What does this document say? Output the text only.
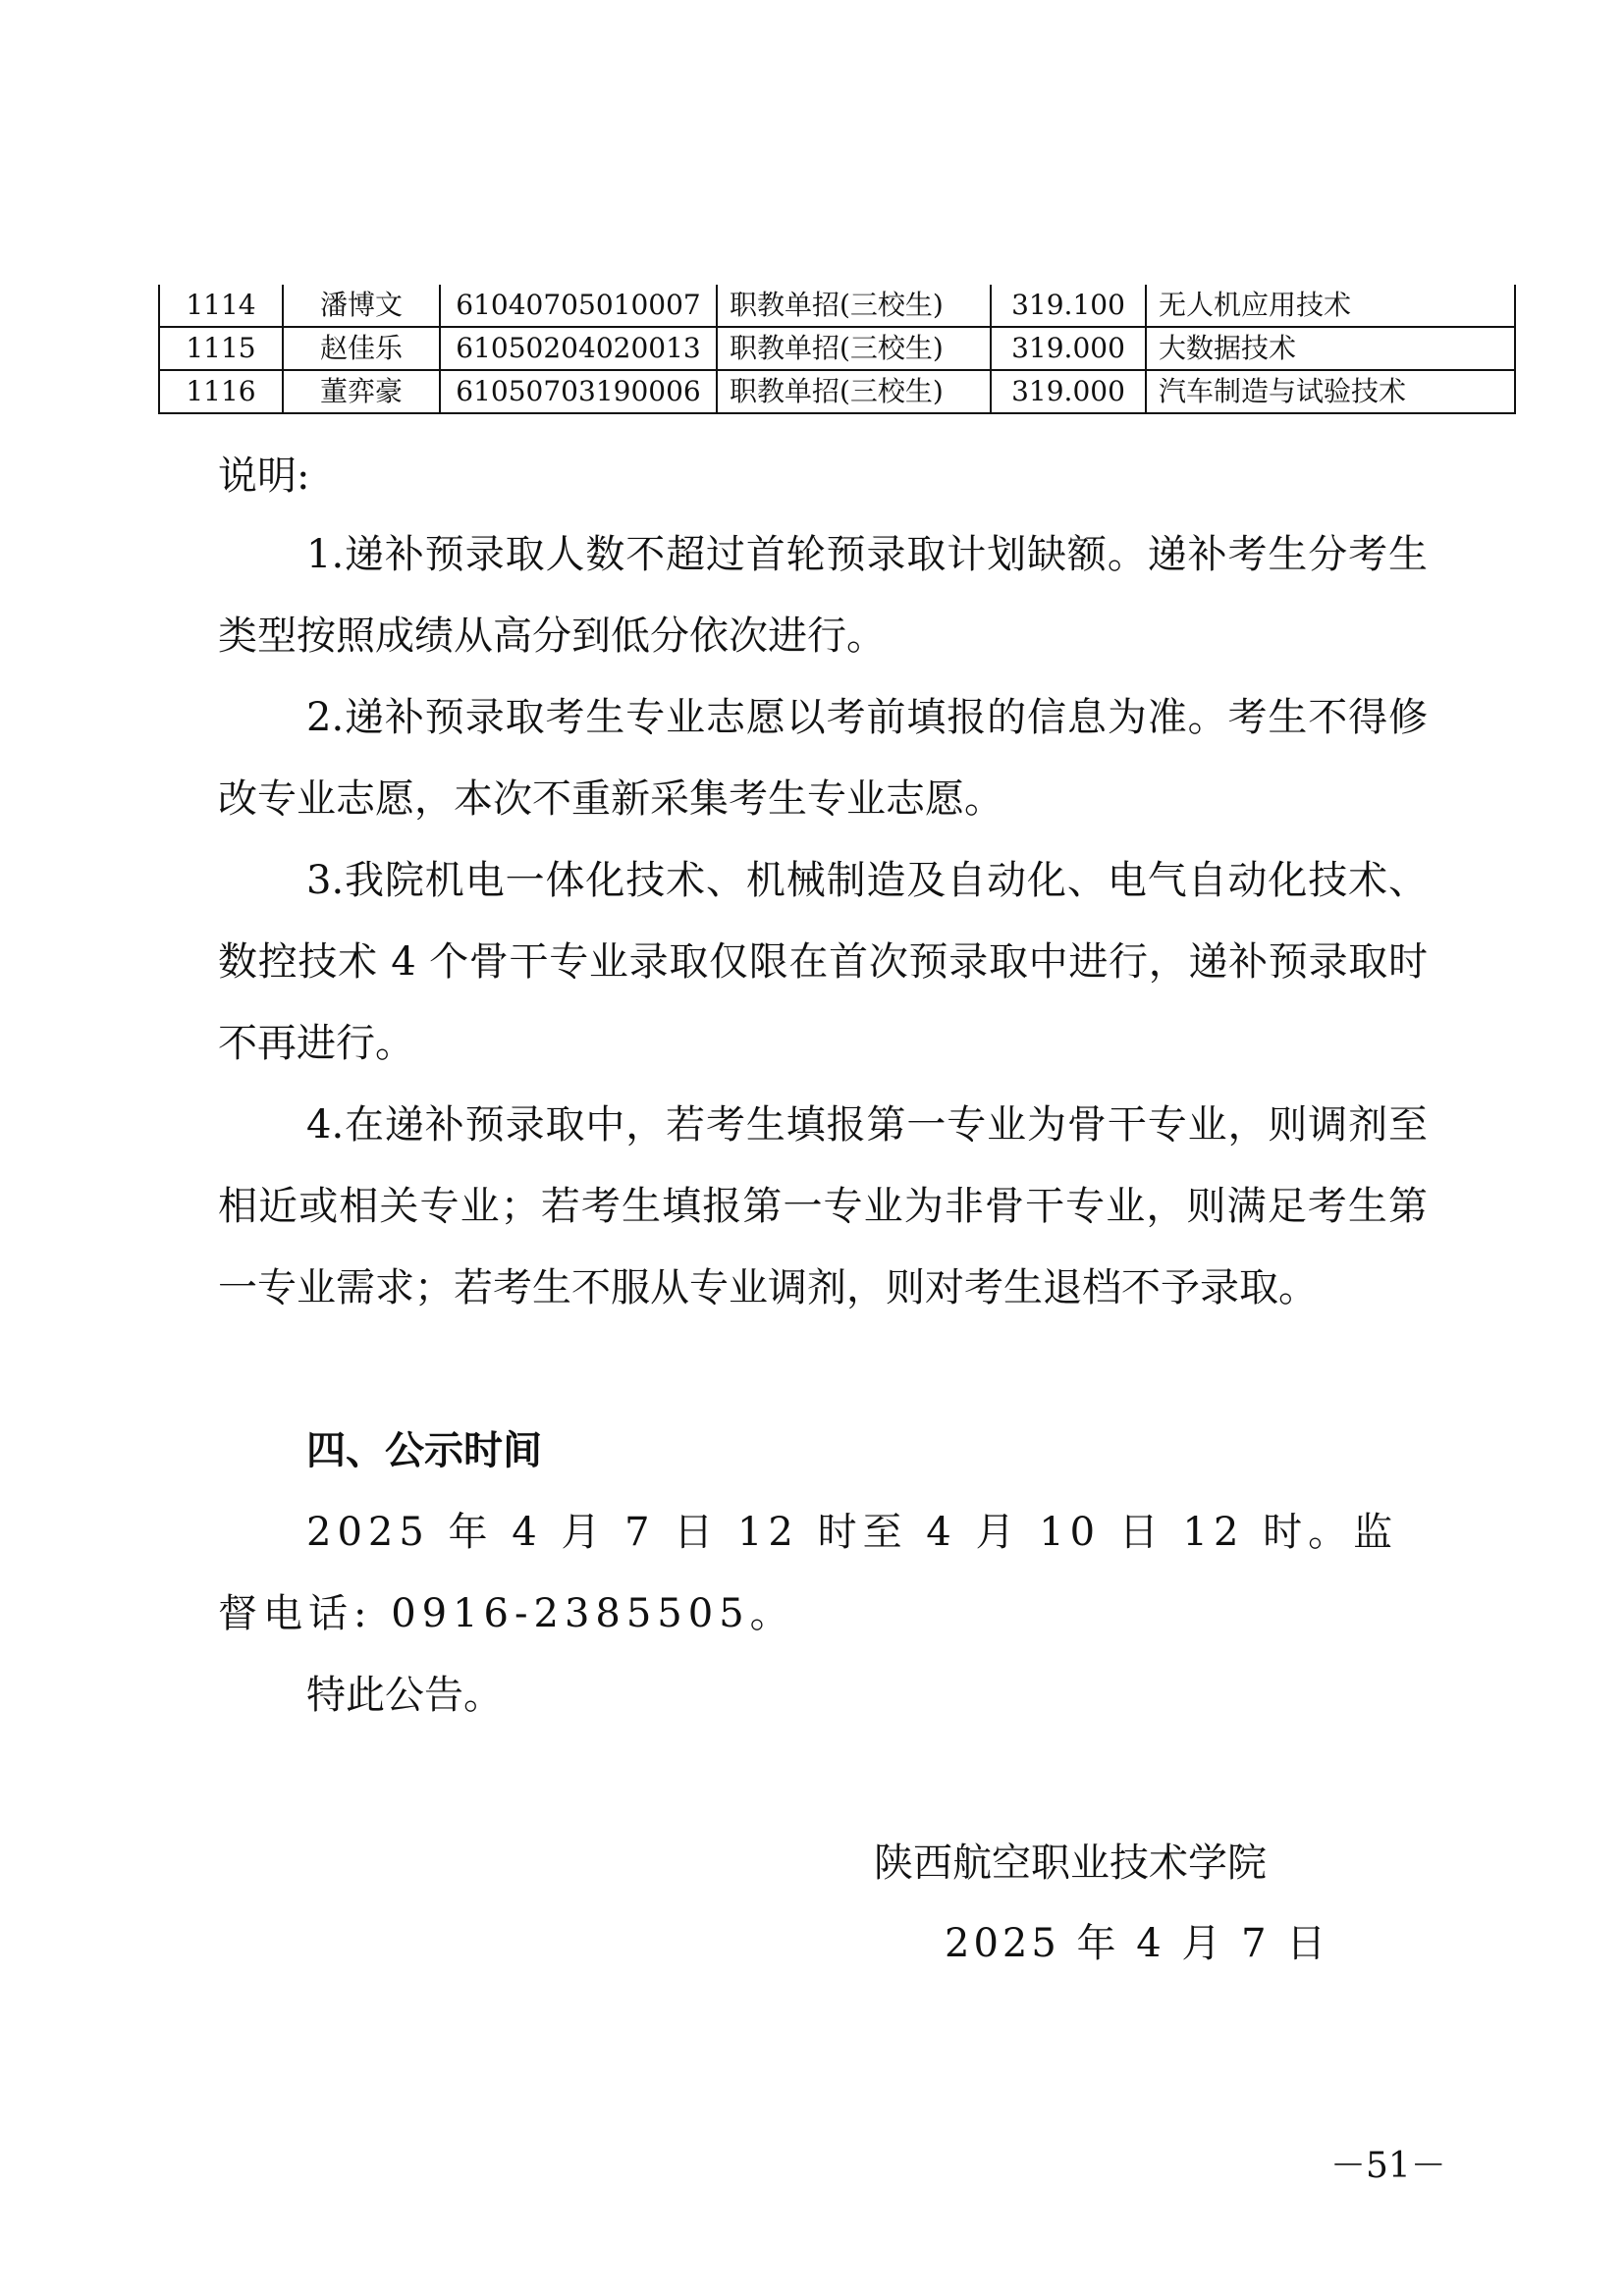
1114	潘博文	61040705010007	职教单招(三校生)	319.100	无人机应用技术
1115	赵佳乐	61050204020013	职教单招(三校生)	319.000	大数据技术
1116	董弈豪	61050703190006	职教单招(三校生)	319.000	汽车制造与试验技术

说明:

1.递补预录取人数不超过首轮预录取计划缺额。递补考生分考生类型按照成绩从高分到低分依次进行。

2.递补预录取考生专业志愿以考前填报的信息为准。考生不得修改专业志愿，本次不重新采集考生专业志愿。

3.我院机电一体化技术、机械制造及自动化、电气自动化技术、数控技术 4 个骨干专业录取仅限在首次预录取中进行，递补预录取时不再进行。

4.在递补预录取中，若考生填报第一专业为骨干专业，则调剂至相近或相关专业；若考生填报第一专业为非骨干专业，则满足考生第一专业需求；若考生不服从专业调剂，则对考生退档不予录取。

四、公示时间

2025 年 4 月 7 日 12 时至 4 月 10 日 12 时。监督电话: 0916-2385505。

特此公告。

陕西航空职业技术学院
2025 年 4 月 7 日
－51－
